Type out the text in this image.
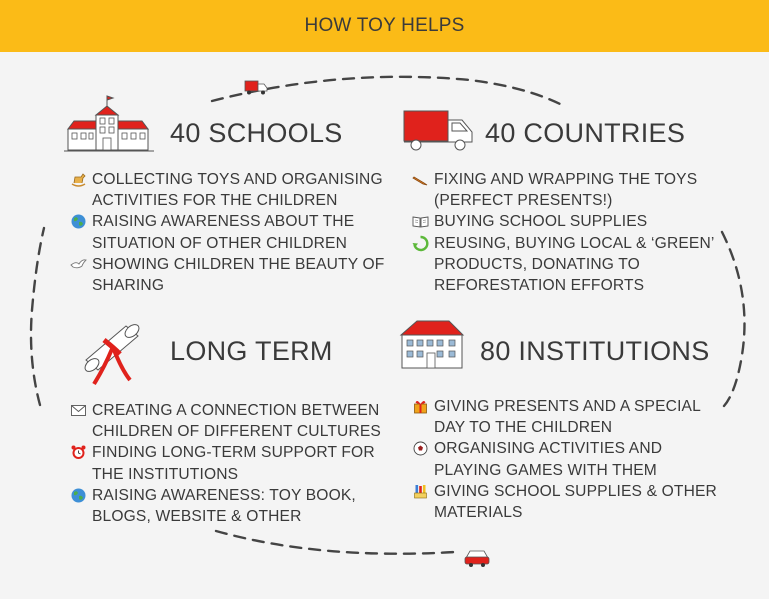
HOW TOY HELPS
40 SCHOOLS
COLLECTING TOYS AND ORGANISING ACTIVITIES FOR THE CHILDREN
RAISING AWARENESS ABOUT THE SITUATION OF OTHER CHILDREN
SHOWING CHILDREN THE BEAUTY OF SHARING
40 COUNTRIES
FIXING AND WRAPPING THE TOYS (PERFECT PRESENTS!)
BUYING SCHOOL SUPPLIES
REUSING, BUYING LOCAL & ‘GREEN’ PRODUCTS, DONATING TO REFORESTATION EFFORTS
LONG TERM
CREATING A CONNECTION BETWEEN CHILDREN OF DIFFERENT CULTURES
FINDING LONG-TERM SUPPORT FOR THE INSTITUTIONS
RAISING AWARENESS: TOY BOOK, BLOGS, WEBSITE & OTHER
80 INSTITUTIONS
GIVING PRESENTS AND A SPECIAL DAY TO THE CHILDREN
ORGANISING ACTIVITIES AND PLAYING GAMES WITH THEM
GIVING SCHOOL SUPPLIES & OTHER MATERIALS
